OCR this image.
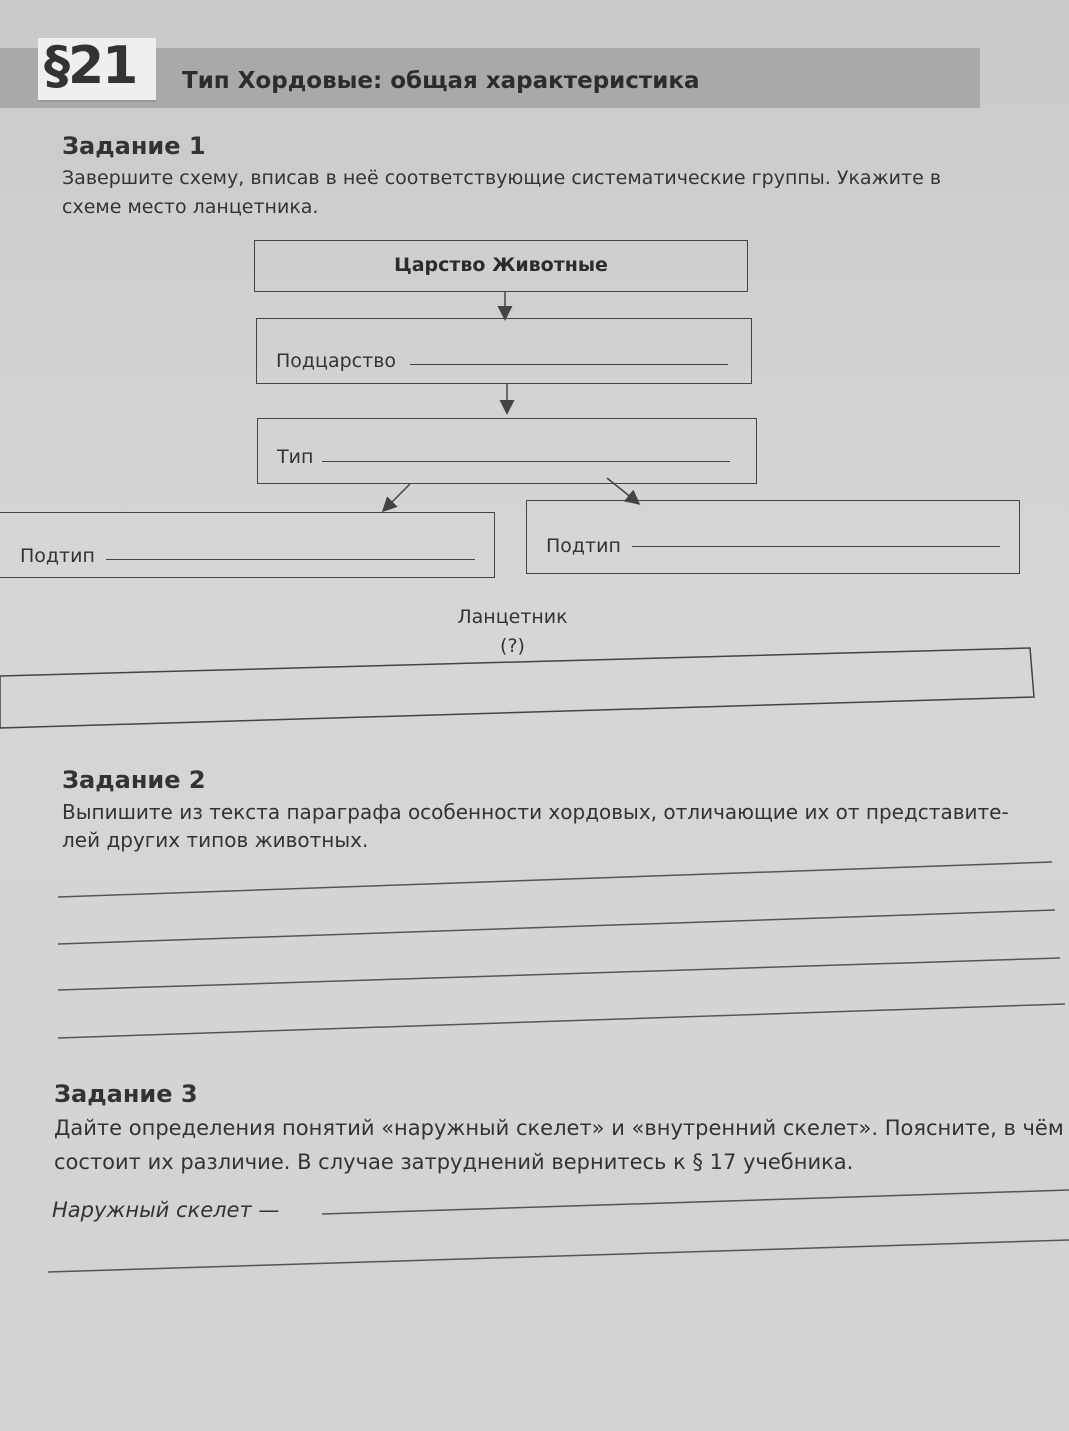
§21 Тип Хордовые: общая характеристика
Задание 1
Завершите схему, вписав в неё соответствующие систематические группы. Укажите в
схеме место ланцетника.
Царство Животные
Подцарство
Тип
Подтип	Подтип
Ланцетник
(?)
Задание 2
Выпишите из текста параграфа особенности хордовых, отличающие их от представите-
лей других типов животных.
Задание 3
Дайте определения понятий «наружный скелет» и «внутренний скелет». Поясните, в чём
состоит их различие. В случае затруднений вернитесь к § 17 учебника.
Наружный скелет —
